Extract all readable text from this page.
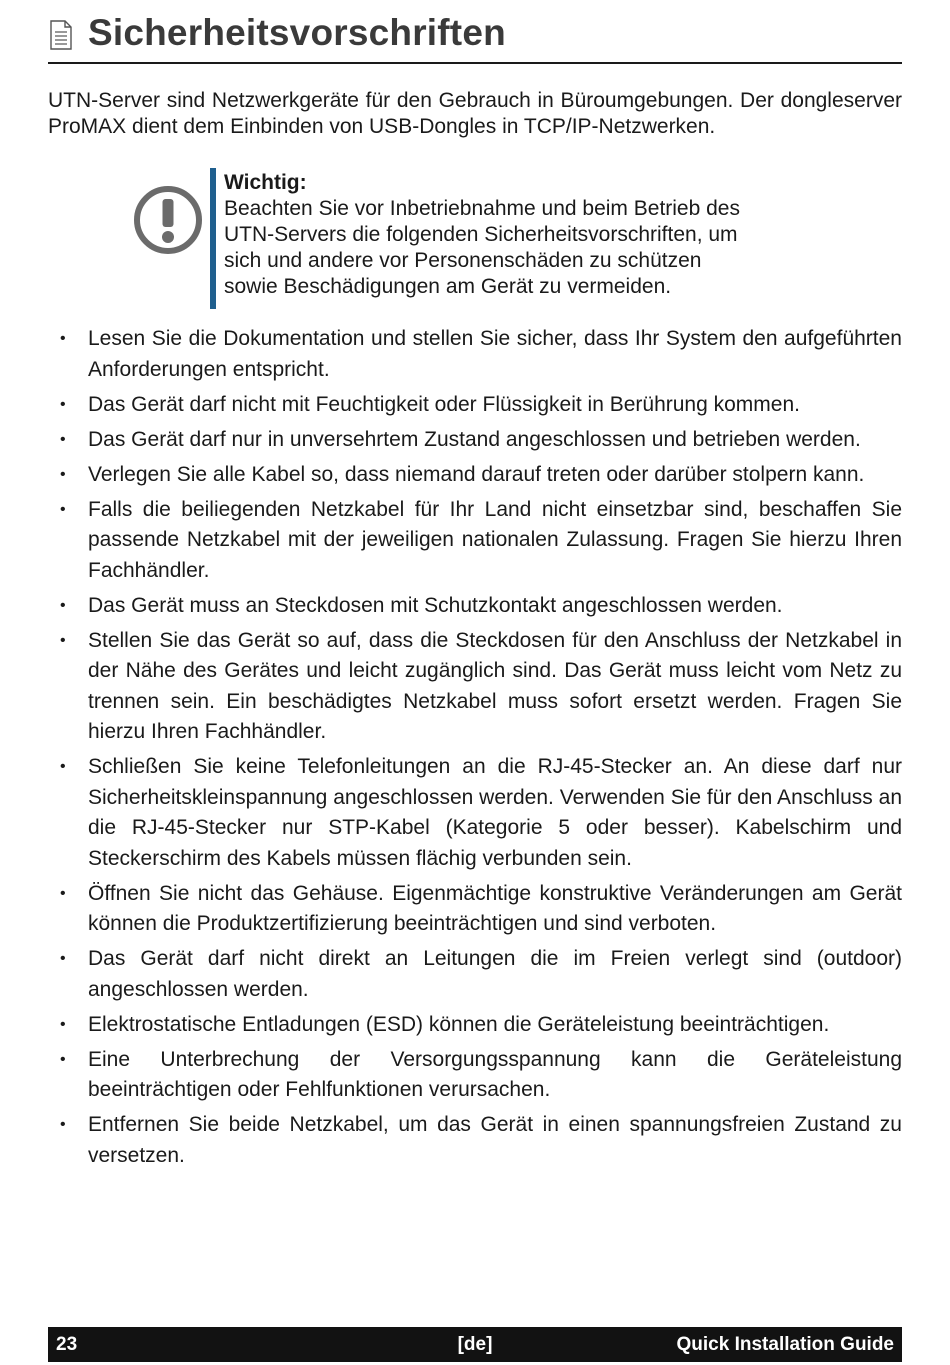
Sicherheitsvorschriften

UTN-Server sind Netzwerkgeräte für den Gebrauch in Büroumgebungen. Der dongleserver ProMAX dient dem Einbinden von USB-Dongles in TCP/IP-Netzwerken.

Wichtig:
Beachten Sie vor Inbetriebnahme und beim Betrieb des
UTN-Servers die folgenden Sicherheitsvorschriften, um
sich und andere vor Personenschäden zu schützen
sowie Beschädigungen am Gerät zu vermeiden.
• Lesen Sie die Dokumentation und stellen Sie sicher, dass Ihr System den aufgeführten Anforderungen entspricht.
• Das Gerät darf nicht mit Feuchtigkeit oder Flüssigkeit in Berührung kommen.
• Das Gerät darf nur in unversehrtem Zustand angeschlossen und betrieben werden.
• Verlegen Sie alle Kabel so, dass niemand darauf treten oder darüber stolpern kann.
• Falls die beiliegenden Netzkabel für Ihr Land nicht einsetzbar sind, beschaffen Sie passende Netzkabel mit der jeweiligen nationalen Zulassung. Fragen Sie hierzu Ihren Fachhändler.
• Das Gerät muss an Steckdosen mit Schutzkontakt angeschlossen werden.
• Stellen Sie das Gerät so auf, dass die Steckdosen für den Anschluss der Netzkabel in der Nähe des Gerätes und leicht zugänglich sind. Das Gerät muss leicht vom Netz zu trennen sein. Ein beschädigtes Netzkabel muss sofort ersetzt werden. Fragen Sie hierzu Ihren Fachhändler.
• Schließen Sie keine Telefonleitungen an die RJ-45-Stecker an. An diese darf nur Sicherheitskleinspannung angeschlossen werden. Verwenden Sie für den Anschluss an die RJ-45-Stecker nur STP-Kabel (Kategorie 5 oder besser). Kabelschirm und Steckerschirm des Kabels müssen flächig verbunden sein.
• Öffnen Sie nicht das Gehäuse. Eigenmächtige konstruktive Veränderungen am Gerät können die Produktzertifizierung beeinträchtigen und sind verboten.
• Das Gerät darf nicht direkt an Leitungen die im Freien verlegt sind (outdoor) angeschlossen werden.
• Elektrostatische Entladungen (ESD) können die Geräteleistung beeinträchtigen.
• Eine Unterbrechung der Versorgungsspannung kann die Geräteleistung beeinträchtigen oder Fehlfunktionen verursachen.
• Entfernen Sie beide Netzkabel, um das Gerät in einen spannungsfreien Zustand zu versetzen.
23	[de]	Quick Installation Guide
